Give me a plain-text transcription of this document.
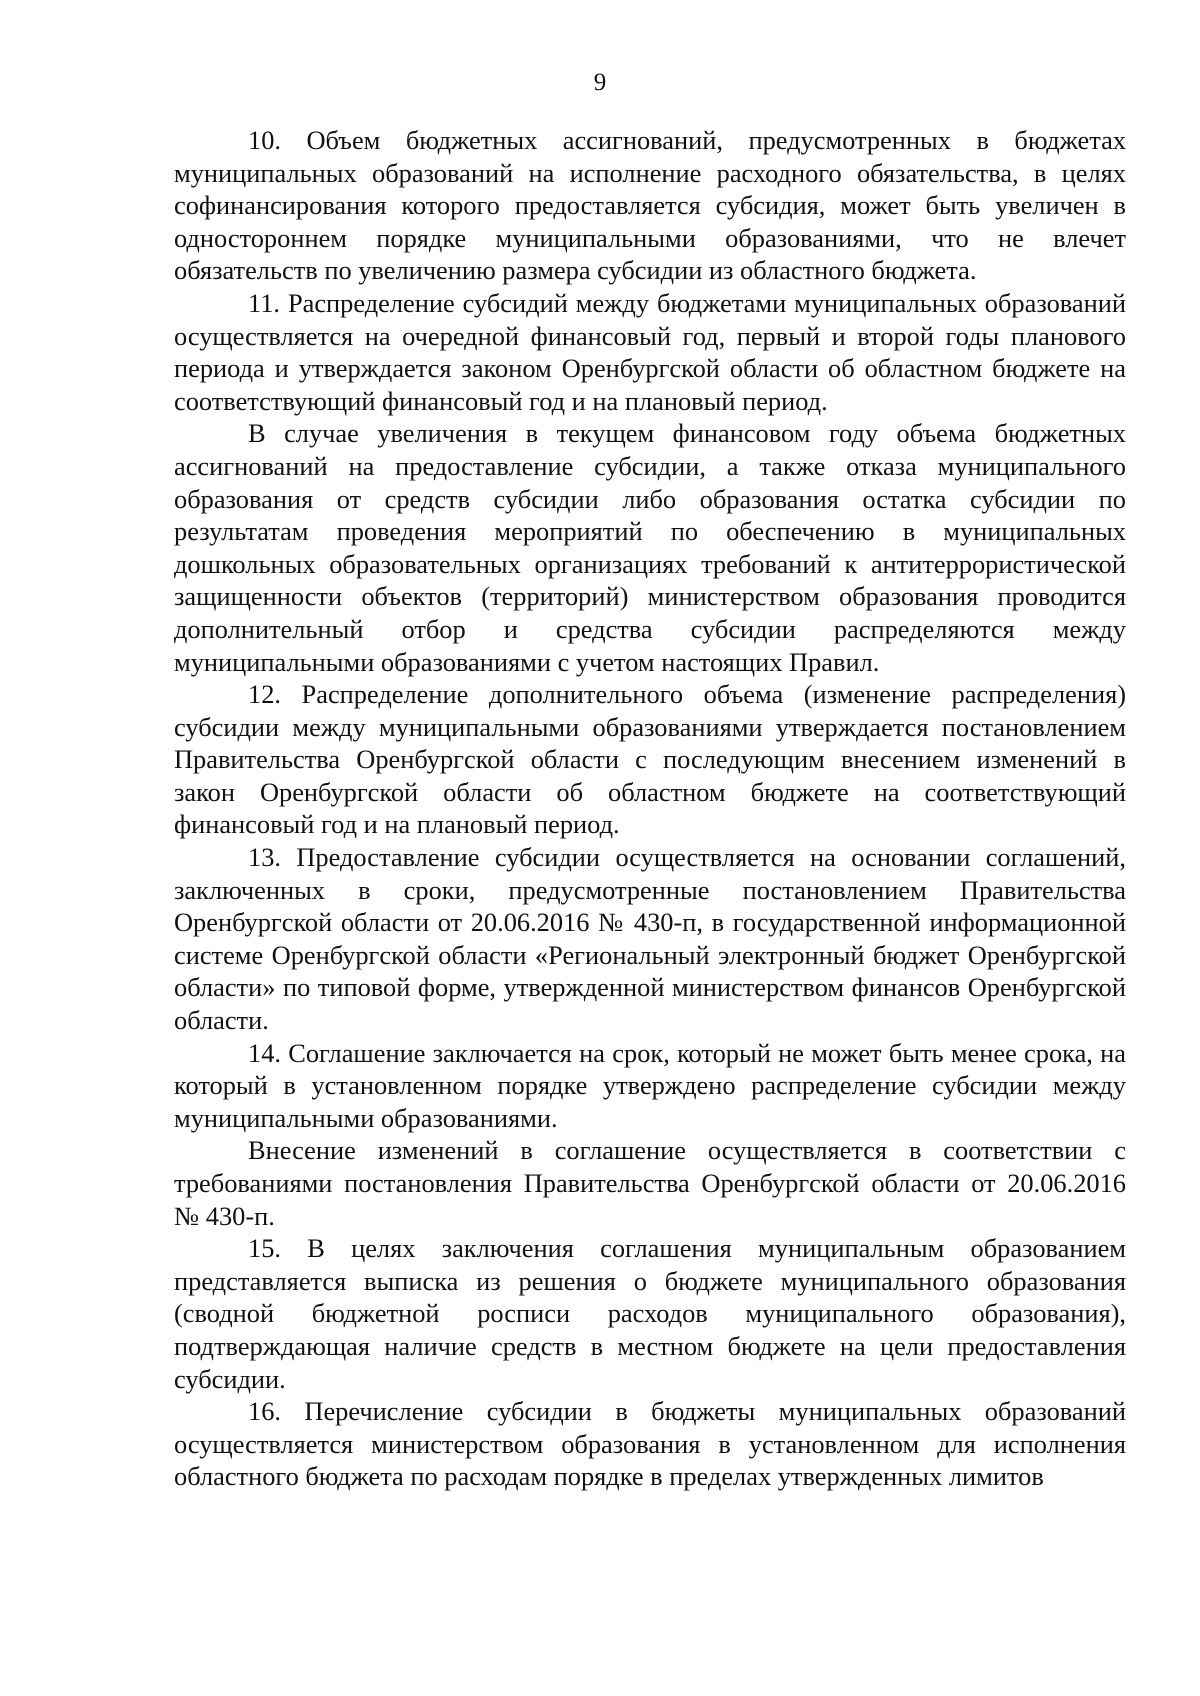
9

10. Объем бюджетных ассигнований, предусмотренных в бюджетах муниципальных образований на исполнение расходного обязательства, в целях софинансирования которого предоставляется субсидия, может быть увеличен в одностороннем порядке муниципальными образованиями, что не влечет обязательств по увеличению размера субсидии из областного бюджета.

11. Распределение субсидий между бюджетами муниципальных образований осуществляется на очередной финансовый год, первый и второй годы планового периода и утверждается законом Оренбургской области об областном бюджете на соответствующий финансовый год и на плановый период.

В случае увеличения в текущем финансовом году объема бюджетных ассигнований на предоставление субсидии, а также отказа муниципального образования от средств субсидии либо образования остатка субсидии по результатам проведения мероприятий по обеспечению в муниципальных дошкольных образовательных организациях требований к антитеррористической защищенности объектов (территорий) министерством образования проводится дополнительный отбор и средства субсидии распределяются между муниципальными образованиями с учетом настоящих Правил.

12. Распределение дополнительного объема (изменение распределения) субсидии между муниципальными образованиями утверждается постановлением Правительства Оренбургской области с последующим внесением изменений в закон Оренбургской области об областном бюджете на соответствующий финансовый год и на плановый период.

13. Предоставление субсидии осуществляется на основании соглашений, заключенных в сроки, предусмотренные постановлением Правительства Оренбургской области от 20.06.2016 № 430-п, в государственной информационной системе Оренбургской области «Региональный электронный бюджет Оренбургской области» по типовой форме, утвержденной министерством финансов Оренбургской области.

14. Соглашение заключается на срок, который не может быть менее срока, на который в установленном порядке утверждено распределение субсидии между муниципальными образованиями.

Внесение изменений в соглашение осуществляется в соответствии с требованиями постановления Правительства Оренбургской области от 20.06.2016 № 430-п.

15. В целях заключения соглашения муниципальным образованием представляется выписка из решения о бюджете муниципального образования (сводной бюджетной росписи расходов муниципального образования), подтверждающая наличие средств в местном бюджете на цели предоставления субсидии.

16. Перечисление субсидии в бюджеты муниципальных образований осуществляется министерством образования в установленном для исполнения областного бюджета по расходам порядке в пределах утвержденных лимитов
